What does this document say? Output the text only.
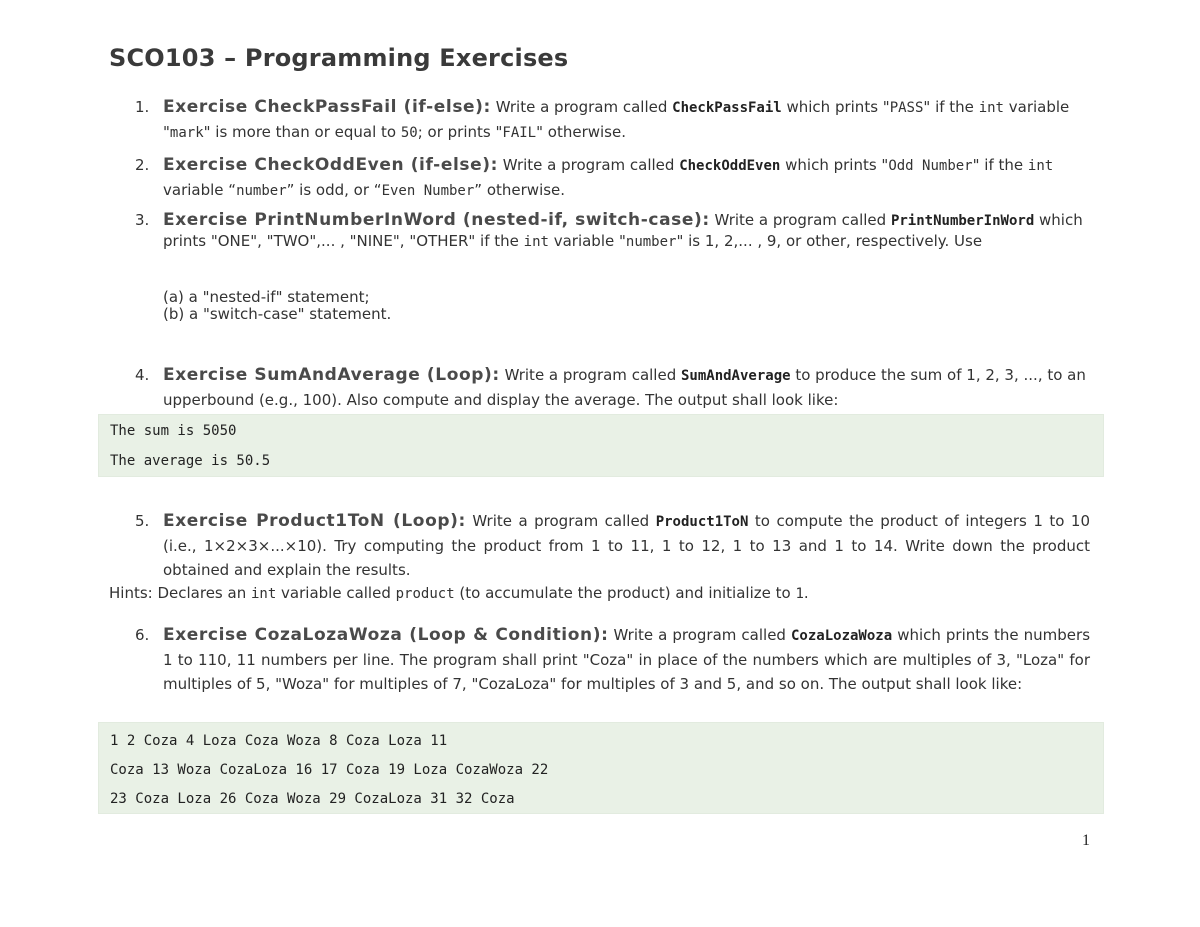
SCO103 – Programming Exercises
1. Exercise CheckPassFail (if-else): Write a program called CheckPassFail which prints "PASS" if the int variable "mark" is more than or equal to 50; or prints "FAIL" otherwise.
2. Exercise CheckOddEven (if-else): Write a program called CheckOddEven which prints "Odd Number" if the int variable “number” is odd, or “Even Number” otherwise.
3. Exercise PrintNumberInWord (nested-if, switch-case): Write a program called PrintNumberInWord which prints "ONE", "TWO",... , "NINE", "OTHER" if the int variable "number" is 1, 2,... , 9, or other, respectively. Use
(a) a "nested-if" statement;
(b) a "switch-case" statement.
4. Exercise SumAndAverage (Loop): Write a program called SumAndAverage to produce the sum of 1, 2, 3, ..., to an upperbound (e.g., 100). Also compute and display the average. The output shall look like:
The sum is 5050
The average is 50.5
5. Exercise Product1ToN (Loop): Write a program called Product1ToN to compute the product of integers 1 to 10 (i.e., 1×2×3×...×10). Try computing the product from 1 to 11, 1 to 12, 1 to 13 and 1 to 14. Write down the product obtained and explain the results.
Hints: Declares an int variable called product (to accumulate the product) and initialize to 1.
6. Exercise CozaLozaWoza (Loop & Condition): Write a program called CozaLozaWoza which prints the numbers 1 to 110, 11 numbers per line. The program shall print "Coza" in place of the numbers which are multiples of 3, "Loza" for multiples of 5, "Woza" for multiples of 7, "CozaLoza" for multiples of 3 and 5, and so on. The output shall look like:
1 2 Coza 4 Loza Coza Woza 8 Coza Loza 11
Coza 13 Woza CozaLoza 16 17 Coza 19 Loza CozaWoza 22
23 Coza Loza 26 Coza Woza 29 CozaLoza 31 32 Coza
1
